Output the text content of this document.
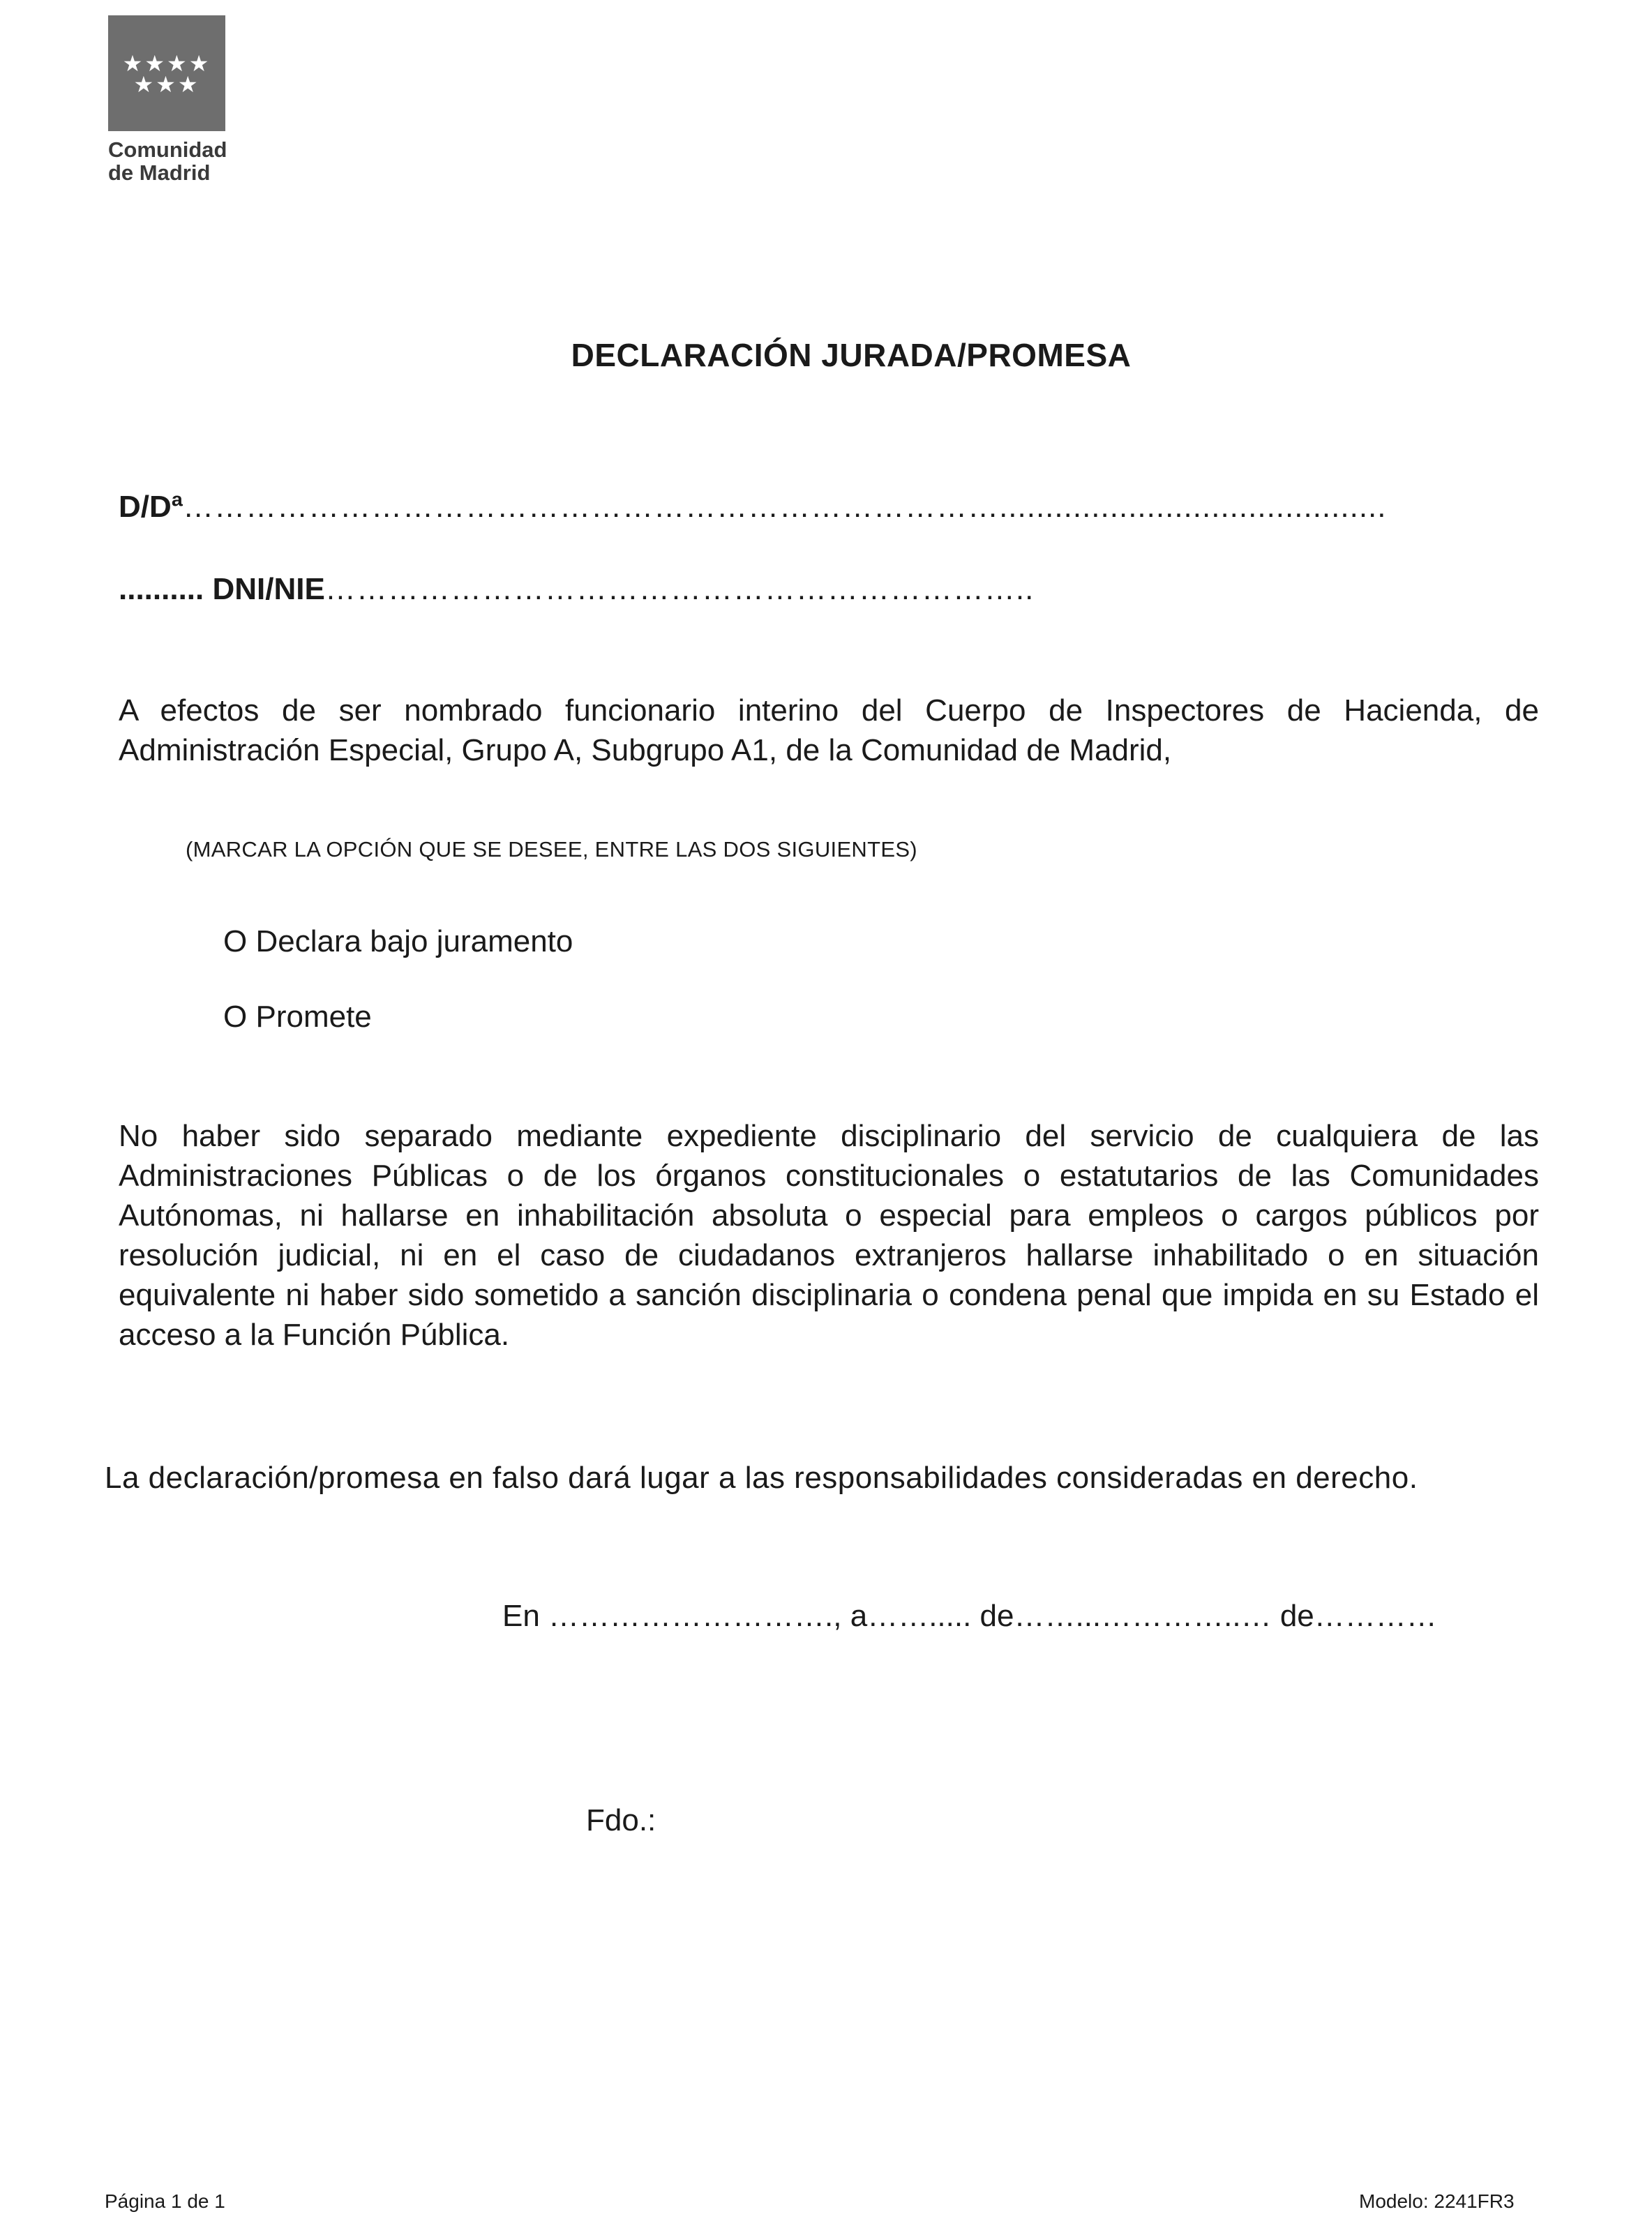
★★★★
★★★
Comunidad
de Madrid
DECLARACIÓN JURADA/PROMESA
D/Dª……………………………………………………………………..........................................
.......... DNI/NIE…………………………………………………………..
A efectos de ser nombrado funcionario interino del Cuerpo de Inspectores de Hacienda, de Administración Especial, Grupo A, Subgrupo A1, de la Comunidad de Madrid,
(MARCAR LA OPCIÓN QUE SE DESEE, ENTRE LAS DOS SIGUIENTES)
O Declara bajo juramento
O Promete
No haber sido separado mediante expediente disciplinario del servicio de cualquiera de las Administraciones Públicas o de los órganos constitucionales o estatutarios de las Comunidades Autónomas, ni hallarse en inhabilitación absoluta o especial para empleos o cargos públicos por resolución judicial, ni en el caso de ciudadanos extranjeros hallarse inhabilitado o en situación equivalente ni haber sido sometido a sanción disciplinaria o condena penal que impida en su Estado el acceso a la Función Pública.
La declaración/promesa en falso dará lugar a las responsabilidades consideradas en derecho.
En ………………………., a……..... de……...…………..… de…………
Fdo.:
Página 1 de 1	Modelo: 2241FR3
